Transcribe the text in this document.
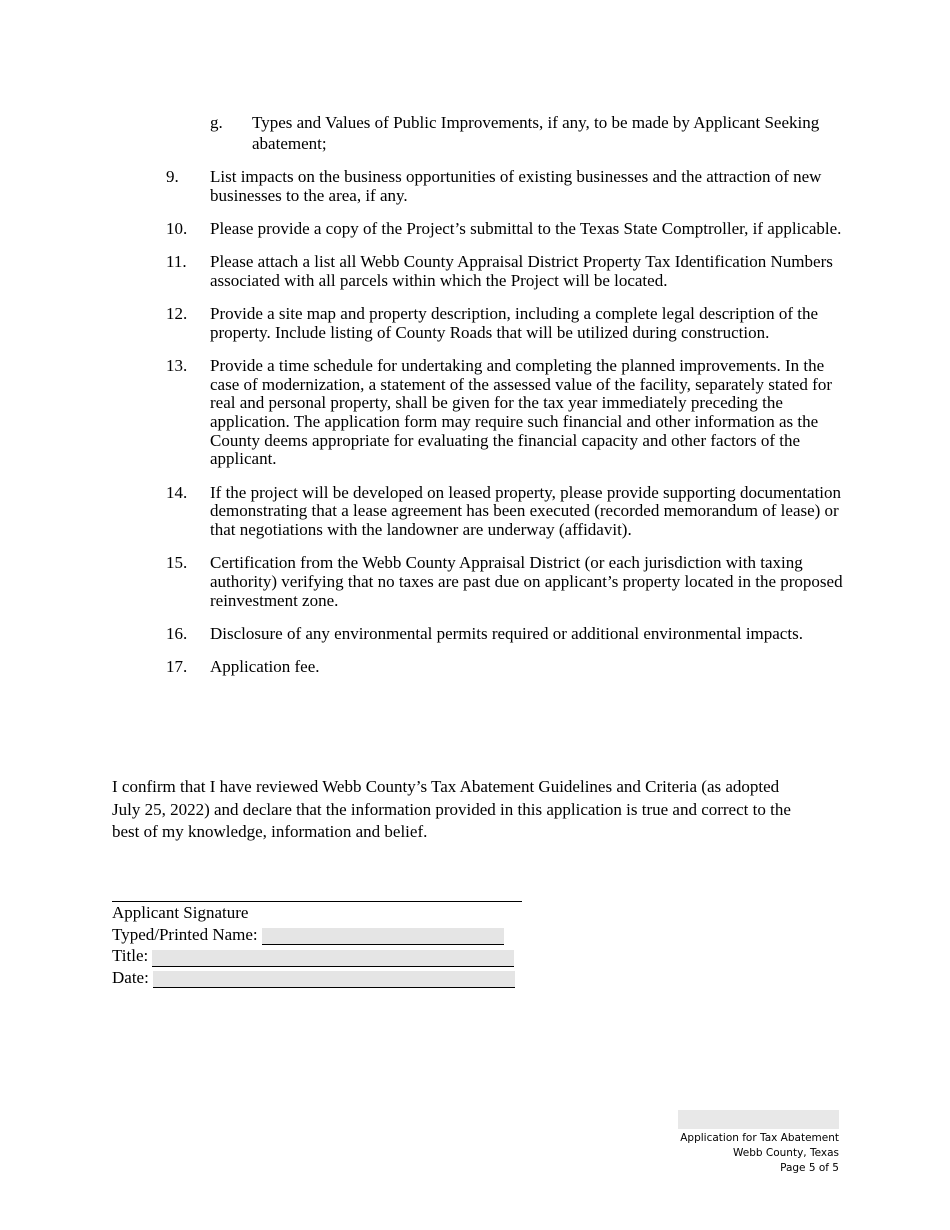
g. Types and Values of Public Improvements, if any, to be made by Applicant Seeking abatement;
9. List impacts on the business opportunities of existing businesses and the attraction of new businesses to the area, if any.
10. Please provide a copy of the Project’s submittal to the Texas State Comptroller, if applicable.
11. Please attach a list all Webb County Appraisal District Property Tax Identification Numbers associated with all parcels within which the Project will be located.
12. Provide a site map and property description, including a complete legal description of the property. Include listing of County Roads that will be utilized during construction.
13. Provide a time schedule for undertaking and completing the planned improvements. In the case of modernization, a statement of the assessed value of the facility, separately stated for real and personal property, shall be given for the tax year immediately preceding the application. The application form may require such financial and other information as the County deems appropriate for evaluating the financial capacity and other factors of the applicant.
14. If the project will be developed on leased property, please provide supporting documentation demonstrating that a lease agreement has been executed (recorded memorandum of lease) or that negotiations with the landowner are underway (affidavit).
15. Certification from the Webb County Appraisal District (or each jurisdiction with taxing authority) verifying that no taxes are past due on applicant’s property located in the proposed reinvestment zone.
16. Disclosure of any environmental permits required or additional environmental impacts.
17. Application fee.

I confirm that I have reviewed Webb County’s Tax Abatement Guidelines and Criteria (as adopted July 25, 2022) and declare that the information provided in this application is true and correct to the best of my knowledge, information and belief.

Applicant Signature
Typed/Printed Name:
Title:
Date:
Application for Tax Abatement
Webb County, Texas
Page 5 of 5
